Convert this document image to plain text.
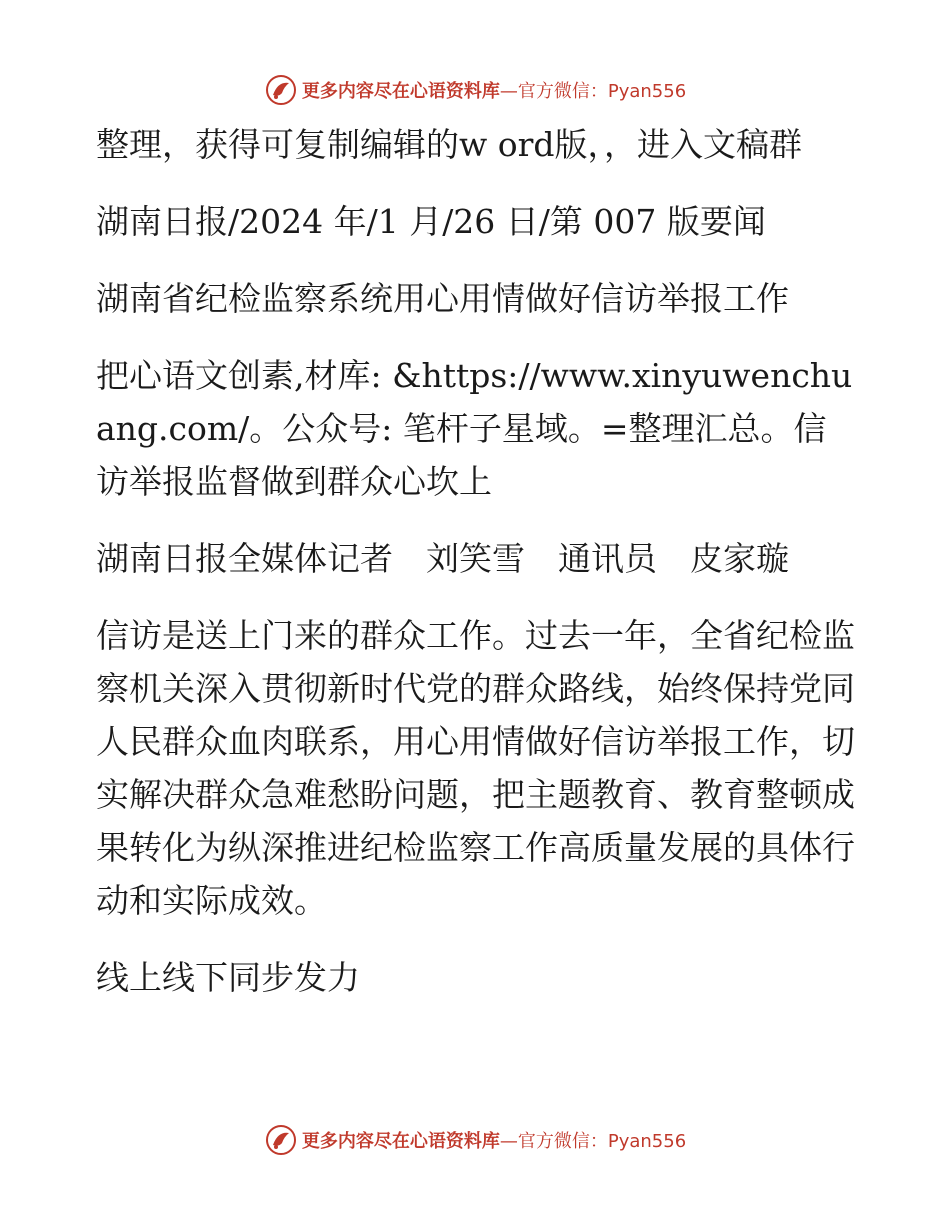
更多内容尽在心语资料库—官方微信：Pyan556

整理，获得可复制编辑的w ord版，，进入文稿群

湖南日报/2024 年/1 月/26 日/第 007 版要闻

湖南省纪检监察系统用心用情做好信访举报工作

把心语文创素,材库: &https://www.xinyuwenchuang.com/。公众号: 笔杆子星域。=整理汇总。信访举报监督做到群众心坎上

湖南日报全媒体记者　刘笑雪　通讯员　皮家璇

信访是送上门来的群众工作。过去一年，全省纪检监察机关深入贯彻新时代党的群众路线，始终保持党同人民群众血肉联系，用心用情做好信访举报工作，切实解决群众急难愁盼问题，把主题教育、教育整顿成果转化为纵深推进纪检监察工作高质量发展的具体行动和实际成效。

线上线下同步发力

更多内容尽在心语资料库—官方微信：Pyan556
